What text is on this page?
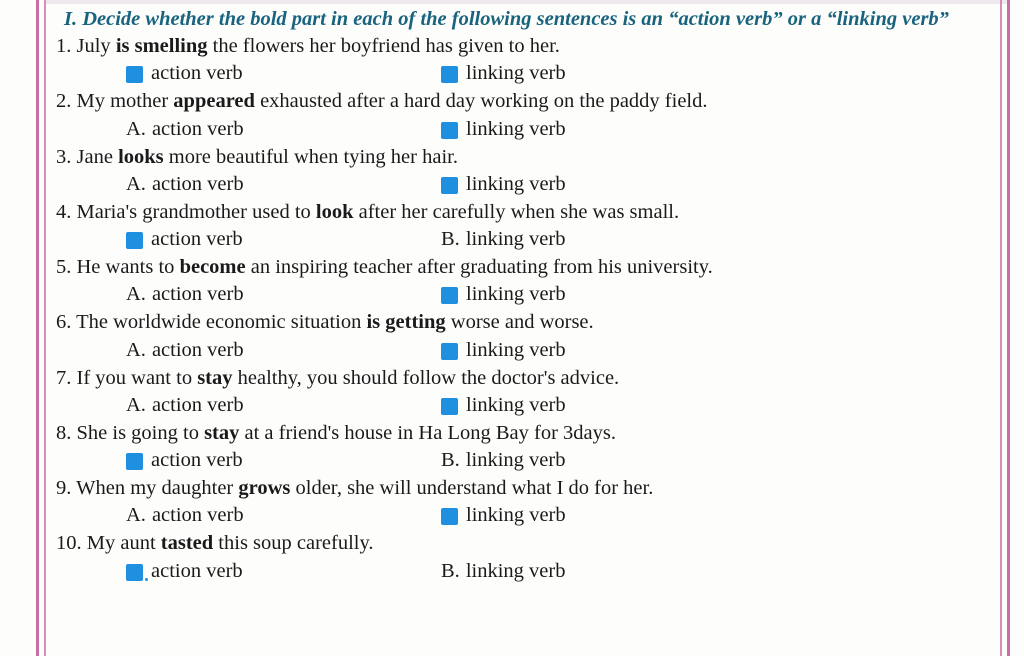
I. Decide whether the bold part in each of the following sentences is an “action verb” or a “linking verb”

1. July is smelling the flowers her boyfriend has given to her.

action verb	linking verb

2. My mother appeared exhausted after a hard day working on the paddy field.

A. action verb	linking verb

3. Jane looks more beautiful when tying her hair.

A. action verb	linking verb

4. Maria's grandmother used to look after her carefully when she was small.

action verb	B. linking verb

5. He wants to become an inspiring teacher after graduating from his university.

A. action verb	linking verb

6. The worldwide economic situation is getting worse and worse.

A. action verb	linking verb

7. If you want to stay healthy, you should follow the doctor's advice.

A. action verb	linking verb

8. She is going to stay at a friend's house in Ha Long Bay for 3days.

action verb	B. linking verb

9. When my daughter grows older, she will understand what I do for her.

A. action verb	linking verb

10. My aunt tasted this soup carefully.

action verb	B. linking verb
